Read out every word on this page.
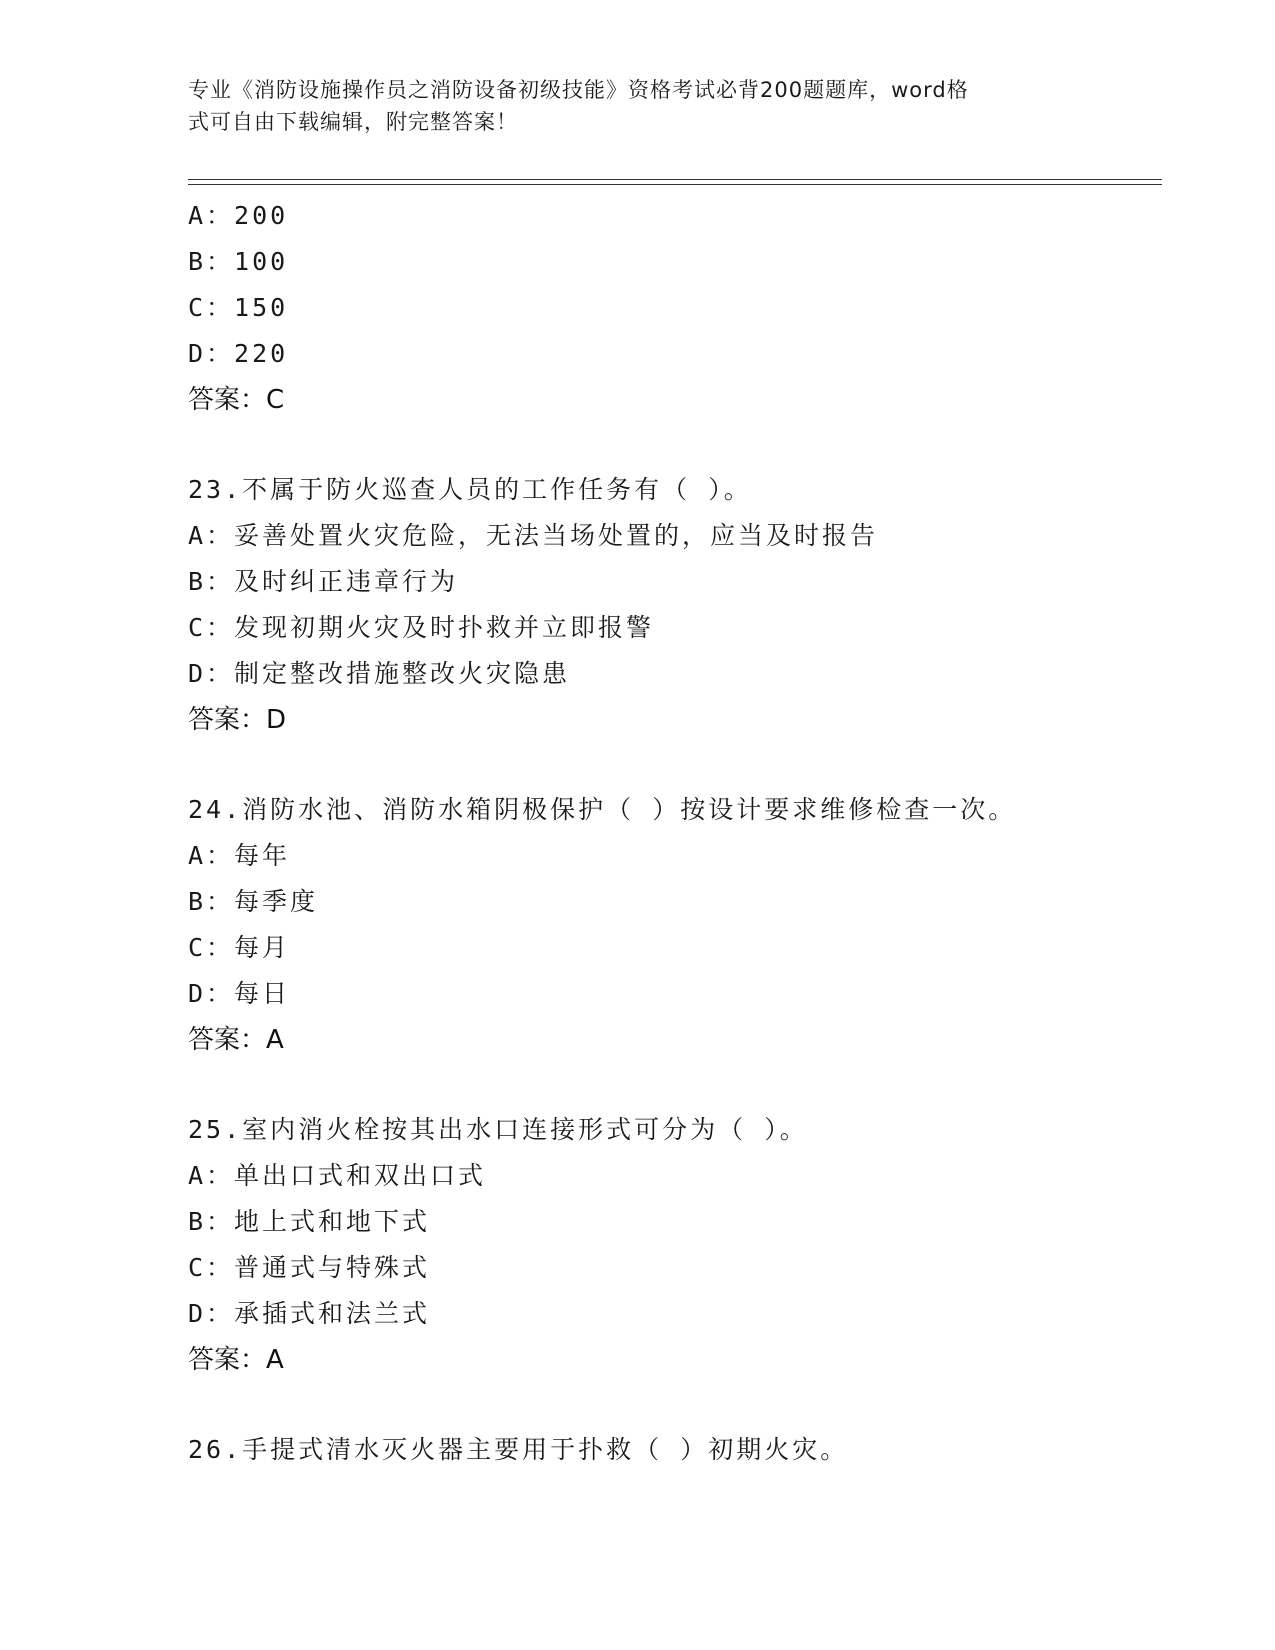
专业《消防设施操作员之消防设备初级技能》资格考试必背200题题库，word格
式可自由下载编辑，附完整答案！
A：200
B：100
C：150
D：220
答案：C
23.不属于防火巡查人员的工作任务有（ ）。
A：妥善处置火灾危险，无法当场处置的，应当及时报告
B：及时纠正违章行为
C：发现初期火灾及时扑救并立即报警
D：制定整改措施整改火灾隐患
答案：D
24.消防水池、消防水箱阴极保护（ ）按设计要求维修检查一次。
A：每年
B：每季度
C：每月
D：每日
答案：A
25.室内消火栓按其出水口连接形式可分为（ ）。
A：单出口式和双出口式
B：地上式和地下式
C：普通式与特殊式
D：承插式和法兰式
答案：A
26.手提式清水灭火器主要用于扑救（ ）初期火灾。
